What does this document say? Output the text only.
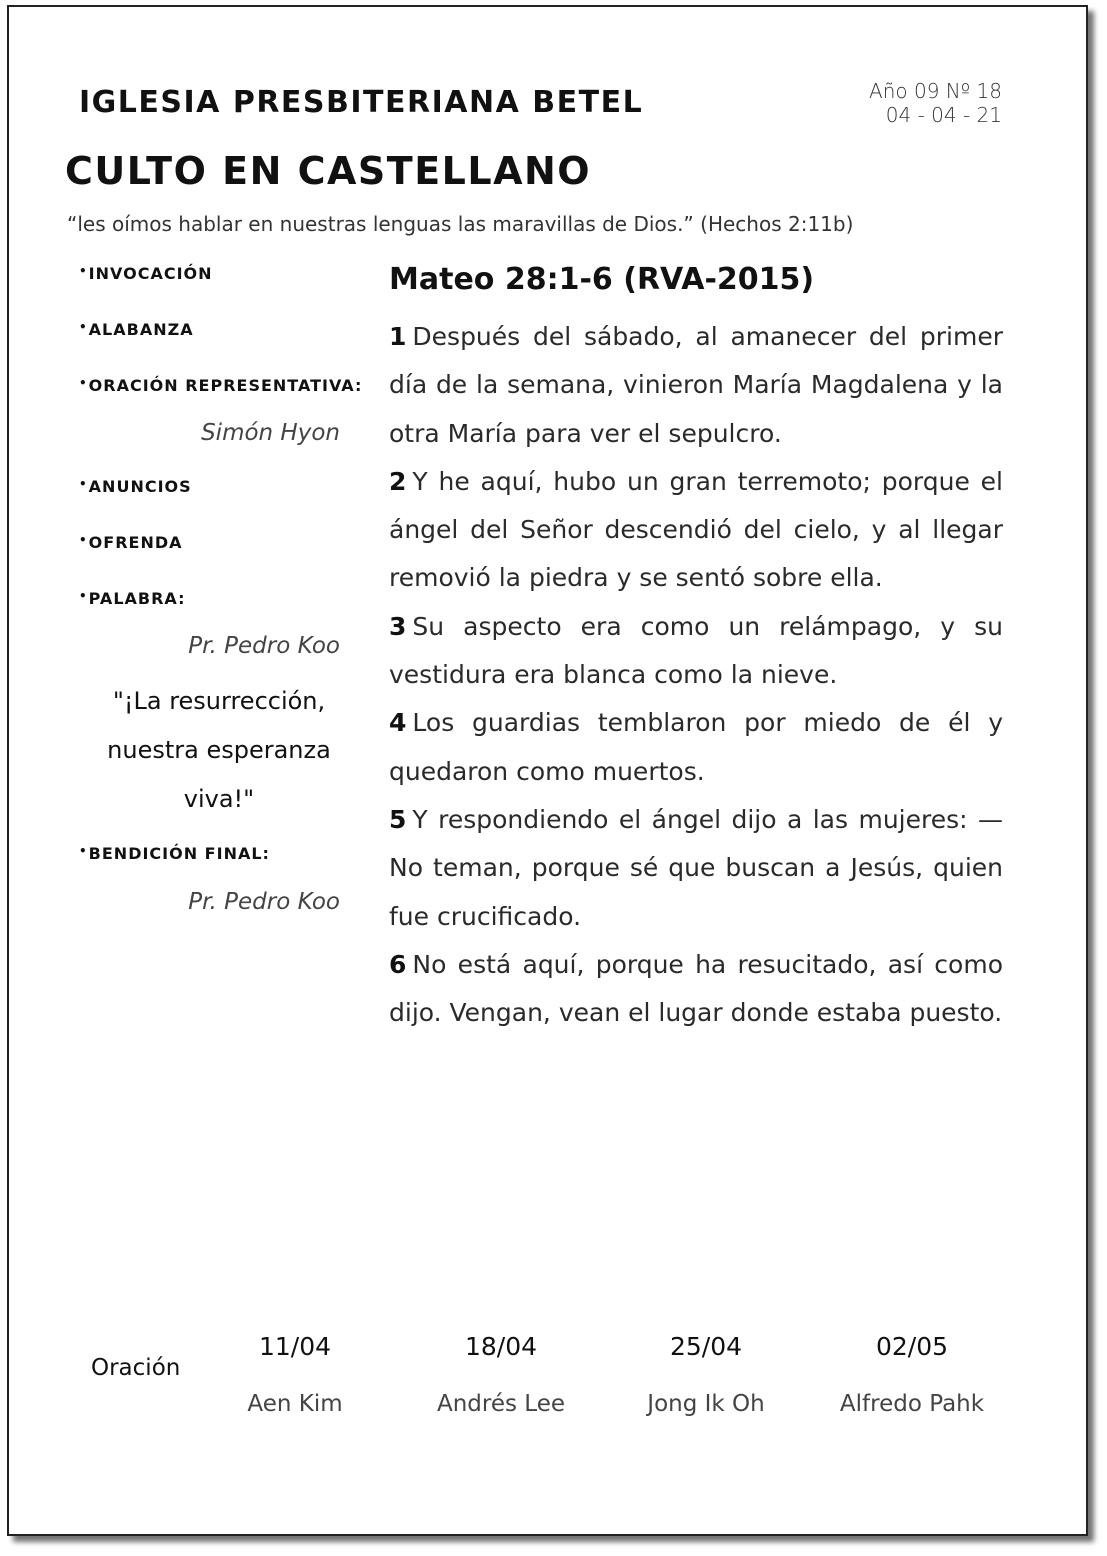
IGLESIA PRESBITERIANA BETEL	Año 09 Nº 18
04 - 04 - 21
CULTO EN CASTELLANO
“les oímos hablar en nuestras lenguas las maravillas de Dios.” (Hechos 2:11b)
•INVOCACIÓN
•ALABANZA
•ORACIÓN REPRESENTATIVA:
Simón Hyon
•ANUNCIOS
•OFRENDA
•PALABRA:
Pr. Pedro Koo
"¡La resurrección, nuestra esperanza viva!"
•BENDICIÓN FINAL:
Pr. Pedro Koo
Mateo 28:1-6 (RVA-2015)
1 Después del sábado, al amanecer del primer día de la semana, vinieron María Magdalena y la otra María para ver el sepulcro.
2 Y he aquí, hubo un gran terremoto; porque el ángel del Señor descendió del cielo, y al llegar removió la piedra y se sentó sobre ella.
3 Su aspecto era como un relámpago, y su vestidura era blanca como la nieve.
4 Los guardias temblaron por miedo de él y quedaron como muertos.
5 Y respondiendo el ángel dijo a las mujeres: —No teman, porque sé que buscan a Jesús, quien fue crucificado.
6 No está aquí, porque ha resucitado, así como dijo. Vengan, vean el lugar donde estaba puesto.
Oración
11/04
Aen Kim
18/04
Andrés Lee
25/04
Jong Ik Oh
02/05
Alfredo Pahk
